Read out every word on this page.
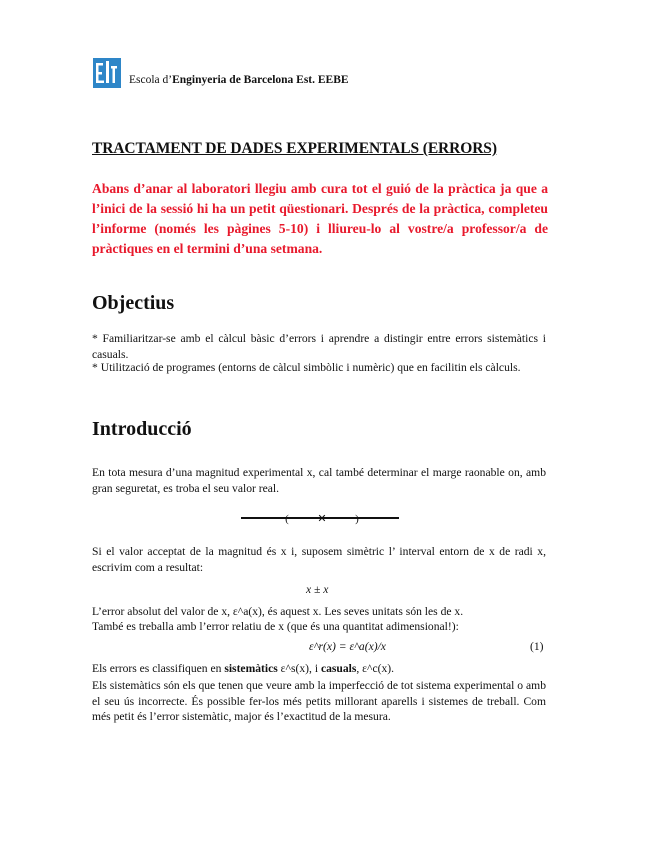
Escola d’Enginyeria de Barcelona Est. EEBE
TRACTAMENT DE DADES EXPERIMENTALS (ERRORS)
Abans d’anar al laboratori llegiu amb cura tot el guió de la pràctica ja que a l’inici de la sessió hi ha un petit qüestionari. Després de la pràctica, completeu l’informe (només les pàgines 5-10) i lliureu-lo al vostre/a professor/a de pràctiques en el termini d’una setmana.
Objectius
* Familiaritzar-se amb el càlcul bàsic d’errors i aprendre a distingir entre errors sistemàtics i casuals.
* Utilització de programes (entorns de càlcul simbòlic i numèric) que en facilitin els càlculs.
Introducció
En tota mesura d’una magnitud experimental x, cal també determinar el marge raonable on, amb gran seguretat, es troba el seu valor real.
(	✕	)
Si el valor acceptat de la magnitud és x i, suposem simètric l’ interval entorn de x de radi x, escrivim com a resultat:
x ± x
L’error absolut del valor de x, ε^a(x), és aquest x. Les seves unitats són les de x.
També es treballa amb l’error relatiu de x (que és una quantitat adimensional!):
ε^r(x) = ε^a(x)/x	(1)
Els errors es classifiquen en sistemàtics ε^s(x), i casuals, ε^c(x).
Els sistemàtics són els que tenen que veure amb la imperfecció de tot sistema experimental o amb el seu ús incorrecte. És possible fer-los més petits millorant aparells i sistemes de treball. Com més petit és l’error sistemàtic, major és l’exactitud de la mesura.
